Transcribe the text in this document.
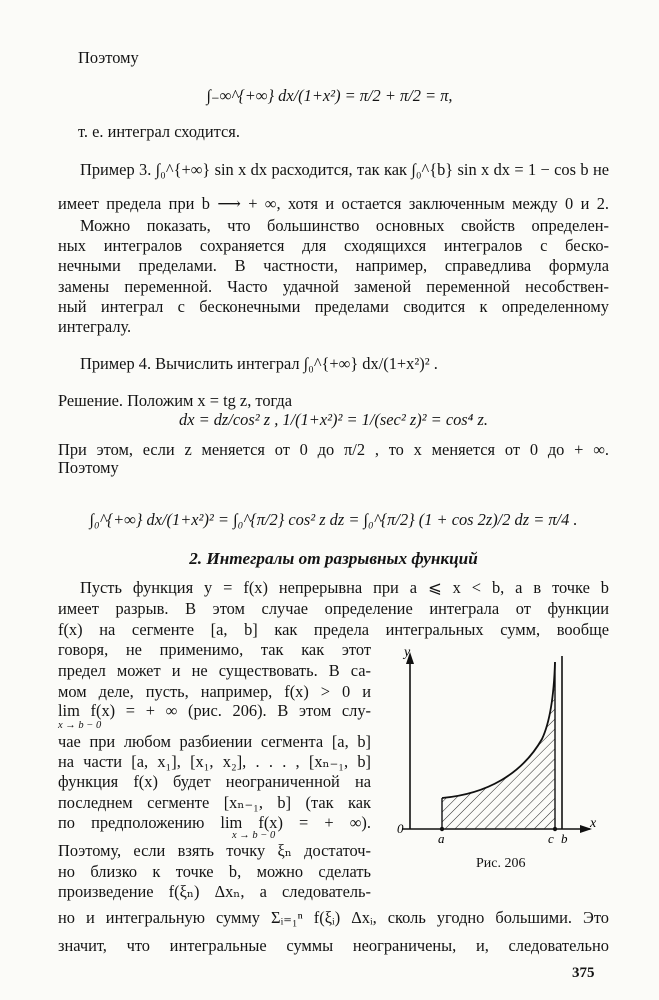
Поэтому
∫₋∞^{+∞} dx/(1+x²) = π/2 + π/2 = π,
т. е. интеграл сходится.
Пример 3. ∫₀^{+∞} sin x dx расходится, так как ∫₀^{b} sin x dx = 1 − cos b не
имеет предела при b ⟶ + ∞, хотя и остается заключенным между 0 и 2.
Можно показать, что большинство основных свойств определен-
ных интегралов сохраняется для сходящихся интегралов с беско-
нечными пределами. В частности, например, справедлива формула
замены переменной. Часто удачной заменой переменной несобствен-
ный интеграл с бесконечными пределами сводится к определенному
интегралу.
Пример 4. Вычислить интеграл ∫₀^{+∞} dx/(1+x²)² .
Решение. Положим x = tg z, тогда
dx = dz/cos² z , 1/(1+x²)² = 1/(sec² z)² = cos⁴ z.
При этом, если z меняется от 0 до π/2 , то x меняется от 0 до + ∞.
Поэтому
∫₀^{+∞} dx/(1+x²)² = ∫₀^{π/2} cos² z dz = ∫₀^{π/2} (1 + cos 2z)/2 dz = π/4 .
2. Интегралы от разрывных функций
Пусть функция y = f(x) непрерывна при a ⩽ x < b, а в точке b
имеет разрыв. В этом случае определение интеграла от функции
f(x) на сегменте [a, b] как предела интегральных сумм, вообще
говоря, не применимо, так как этот
предел может и не существовать. В са-
мом деле, пусть, например, f(x) > 0 и
lim f(x) = + ∞ (рис. 206). В этом слу-
x → b − 0
чае при любом разбиении сегмента [a, b]
на части [a, x₁], [x₁, x₂], . . . , [xₙ₋₁, b]
функция f(x) будет неограниченной на
последнем сегменте [xₙ₋₁, b] (так как
по предположению lim f(x) = + ∞).
x → b − 0
Поэтому, если взять точку ξₙ достаточ-
но близко к точке b, можно сделать
произведение f(ξₙ) Δxₙ, а следователь-
но и интегральную сумму Σᵢ₌₁ⁿ f(ξᵢ) Δxᵢ, сколь угодно большими. Это
значит, что интегральные суммы неограничены, и, следовательно
375
y
x
0
a	c b
Рис. 206
